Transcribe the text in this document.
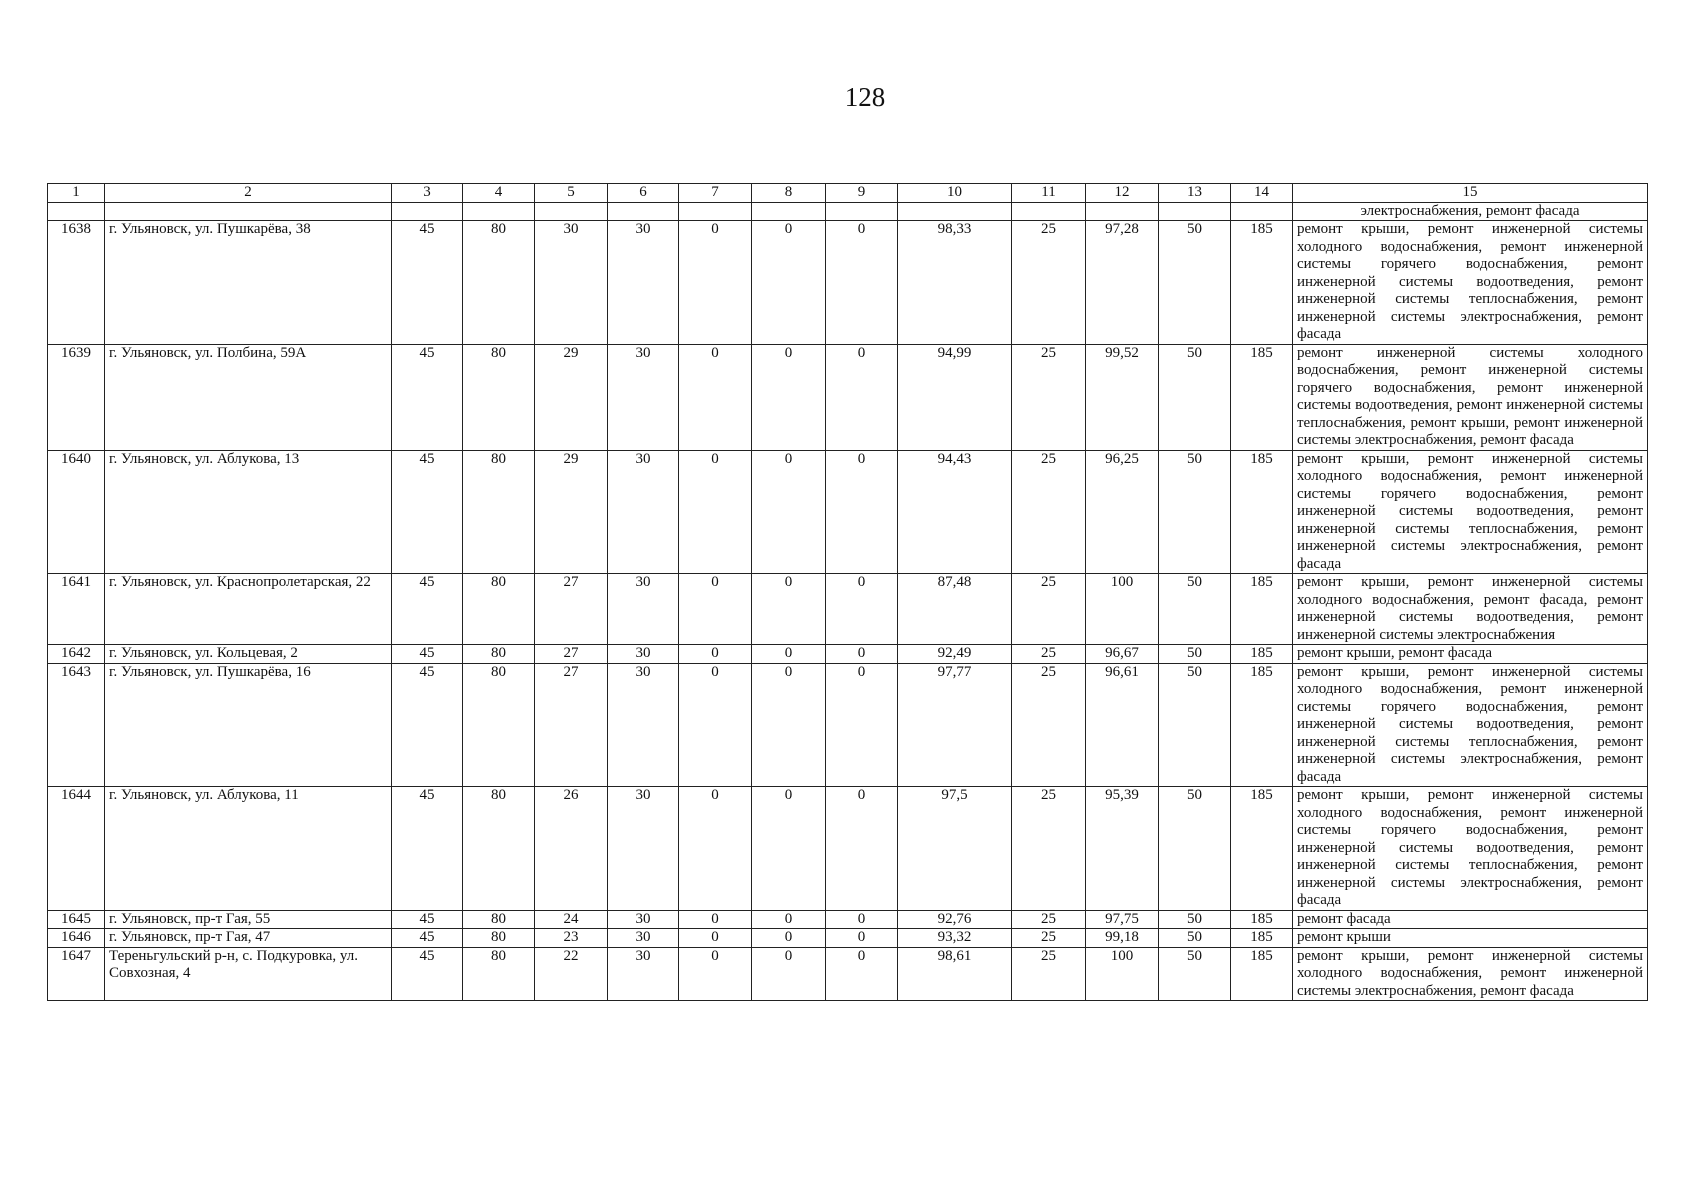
128
1	2	3	4	5	6	7	8	9	10	11	12	13	14	15
														электроснабжения, ремонт фасада
1638	г. Ульяновск, ул. Пушкарёва, 38	45	80	30	30	0	0	0	98,33	25	97,28	50	185	ремонт крыши, ремонт инженерной системы холодного водоснабжения, ремонт инженерной системы горячего водоснабжения, ремонт инженерной системы водоотведения, ремонт инженерной системы теплоснабжения, ремонт инженерной системы электроснабжения, ремонт фасада
1639	г. Ульяновск, ул. Полбина, 59А	45	80	29	30	0	0	0	94,99	25	99,52	50	185	ремонт инженерной системы холодного водоснабжения, ремонт инженерной системы горячего водоснабжения, ремонт инженерной системы водоотведения, ремонт инженерной системы теплоснабжения, ремонт крыши, ремонт инженерной системы электроснабжения, ремонт фасада
1640	г. Ульяновск, ул. Аблукова, 13	45	80	29	30	0	0	0	94,43	25	96,25	50	185	ремонт крыши, ремонт инженерной системы холодного водоснабжения, ремонт инженерной системы горячего водоснабжения, ремонт инженерной системы водоотведения, ремонт инженерной системы теплоснабжения, ремонт инженерной системы электроснабжения, ремонт фасада
1641	г. Ульяновск, ул. Краснопролетарская, 22	45	80	27	30	0	0	0	87,48	25	100	50	185	ремонт крыши, ремонт инженерной системы холодного водоснабжения, ремонт фасада, ремонт инженерной системы водоотведения, ремонт инженерной системы электроснабжения
1642	г. Ульяновск, ул. Кольцевая, 2	45	80	27	30	0	0	0	92,49	25	96,67	50	185	ремонт крыши, ремонт фасада
1643	г. Ульяновск, ул. Пушкарёва, 16	45	80	27	30	0	0	0	97,77	25	96,61	50	185	ремонт крыши, ремонт инженерной системы холодного водоснабжения, ремонт инженерной системы горячего водоснабжения, ремонт инженерной системы водоотведения, ремонт инженерной системы теплоснабжения, ремонт инженерной системы электроснабжения, ремонт фасада
1644	г. Ульяновск, ул. Аблукова, 11	45	80	26	30	0	0	0	97,5	25	95,39	50	185	ремонт крыши, ремонт инженерной системы холодного водоснабжения, ремонт инженерной системы горячего водоснабжения, ремонт инженерной системы водоотведения, ремонт инженерной системы теплоснабжения, ремонт инженерной системы электроснабжения, ремонт фасада
1645	г. Ульяновск, пр-т Гая, 55	45	80	24	30	0	0	0	92,76	25	97,75	50	185	ремонт фасада
1646	г. Ульяновск, пр-т Гая, 47	45	80	23	30	0	0	0	93,32	25	99,18	50	185	ремонт крыши
1647	Тереньгульский р-н, с. Подкуровка, ул. Совхозная, 4	45	80	22	30	0	0	0	98,61	25	100	50	185	ремонт крыши, ремонт инженерной системы холодного водоснабжения, ремонт инженерной системы электроснабжения, ремонт фасада
